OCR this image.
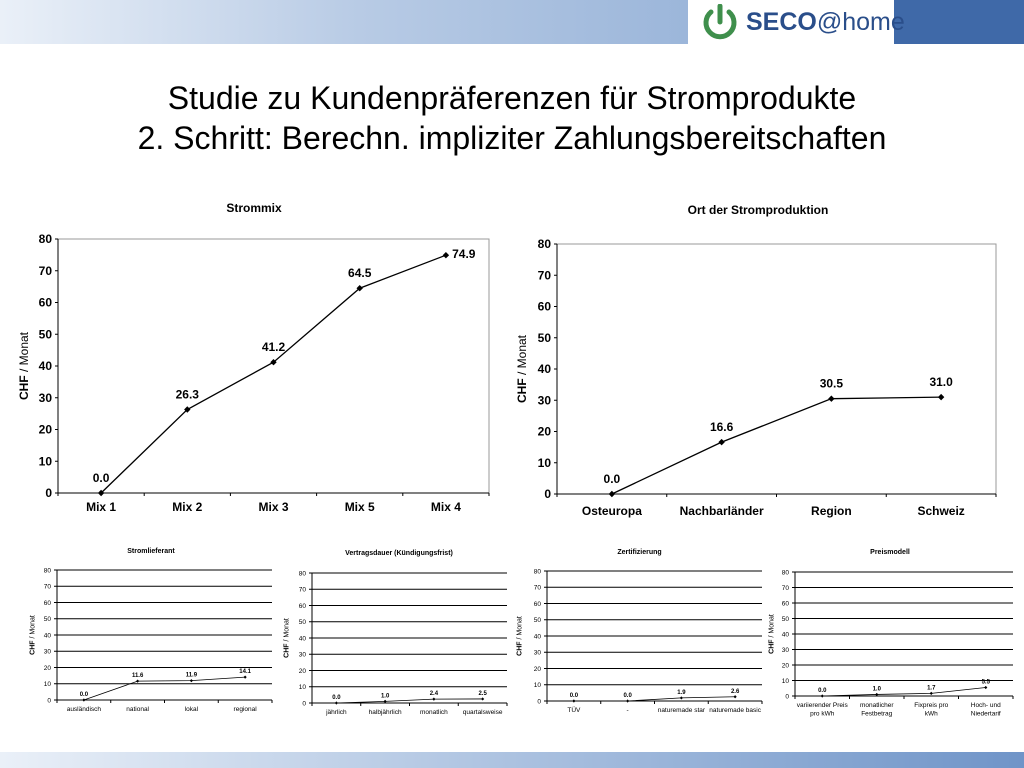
SECO@home
Studie zu Kundenpräferenzen für Stromprodukte
2. Schritt: Berechn. impliziter Zahlungsbereitschaften
Strommix
0
10
20
30
40
50
60
70
80
Mix 1	Mix 2	Mix 3	Mix 5	Mix 4
CHF / Monat
0.0
26.3
41.2
64.5
74.9
Ort der Stromproduktion
0
10
20
30
40
50
60
70
80
Osteuropa	Nachbarländer	Region	Schweiz
CHF / Monat
0.0
16.6
30.5	31.0
Stromlieferant
0
10
20
30
40
50
60
70
80
ausländisch	national	lokal	regional
CHF / Monat
0.0
11.6	11.9
14.1
Vertragsdauer (Kündigungsfrist)
0
10
20
30
40
50
60
70
80
jährlich	halbjährlich	monatlich quartalsweise
CHF / Monat
0.0	1.0	2.4	2.5
Zertifizierung
0
10
20
30
40
50
60
70
80
TÜV	-	naturemade star naturemade basic
CHF / Monat
0.0	0.0
1.9	2.6
Preismodell
0
10
20
30
40
50
60
70
80
variierender Preis pro kWh
monatlicher Festbetrag
Fixpreis pro kWh
Hoch- und Niedertarif
CHF / Monat
0.0	1.0	1.7
5.5
